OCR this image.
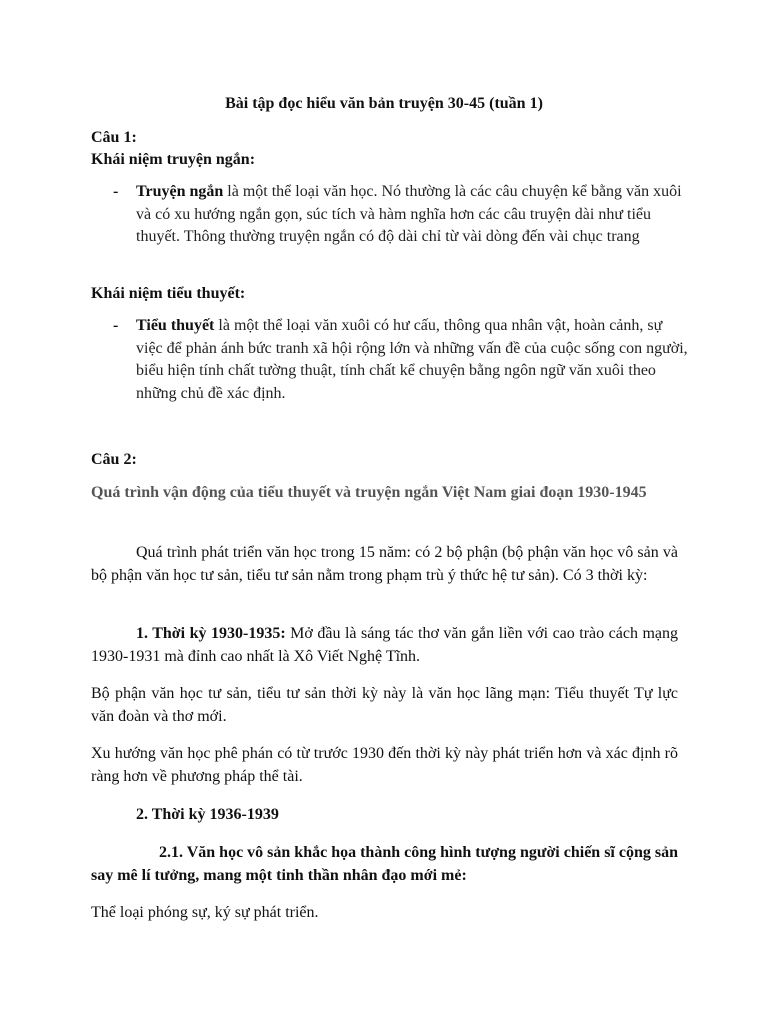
Bài tập đọc hiểu văn bản truyện 30-45 (tuần 1)
Câu 1:
Khái niệm truyện ngắn:
- Truyện ngắn là một thể loại văn học. Nó thường là các câu chuyện kể bằng văn xuôi và có xu hướng ngắn gọn, súc tích và hàm nghĩa hơn các câu truyện dài như tiểu thuyết. Thông thường truyện ngắn có độ dài chỉ từ vài dòng đến vài chục trang
Khái niệm tiểu thuyết:
- Tiểu thuyết là một thể loại văn xuôi có hư cấu, thông qua nhân vật, hoàn cảnh, sự việc để phản ánh bức tranh xã hội rộng lớn và những vấn đề của cuộc sống con người, biểu hiện tính chất tường thuật, tính chất kể chuyện bằng ngôn ngữ văn xuôi theo những chủ đề xác định.
Câu 2:
Quá trình vận động của tiểu thuyết và truyện ngắn Việt Nam giai đoạn 1930-1945

Quá trình phát triển văn học trong 15 năm: có 2 bộ phận (bộ phận văn học vô sản và bộ phận văn học tư sản, tiểu tư sản nằm trong phạm trù ý thức hệ tư sản). Có 3 thời kỳ:

1. Thời kỳ 1930-1935: Mở đầu là sáng tác thơ văn gắn liền với cao trào cách mạng 1930-1931 mà đỉnh cao nhất là Xô Viết Nghệ Tĩnh.

Bộ phận văn học tư sản, tiểu tư sản thời kỳ này là văn học lãng mạn: Tiểu thuyết Tự lực văn đoàn và thơ mới.

Xu hướng văn học phê phán có từ trước 1930 đến thời kỳ này phát triển hơn và xác định rõ ràng hơn về phương pháp thể tài.

2. Thời kỳ 1936-1939

2.1. Văn học vô sản khắc họa thành công hình tượng người chiến sĩ cộng sản say mê lí tưởng, mang một tinh thần nhân đạo mới mẻ:

Thể loại phóng sự, ký sự phát triển.
